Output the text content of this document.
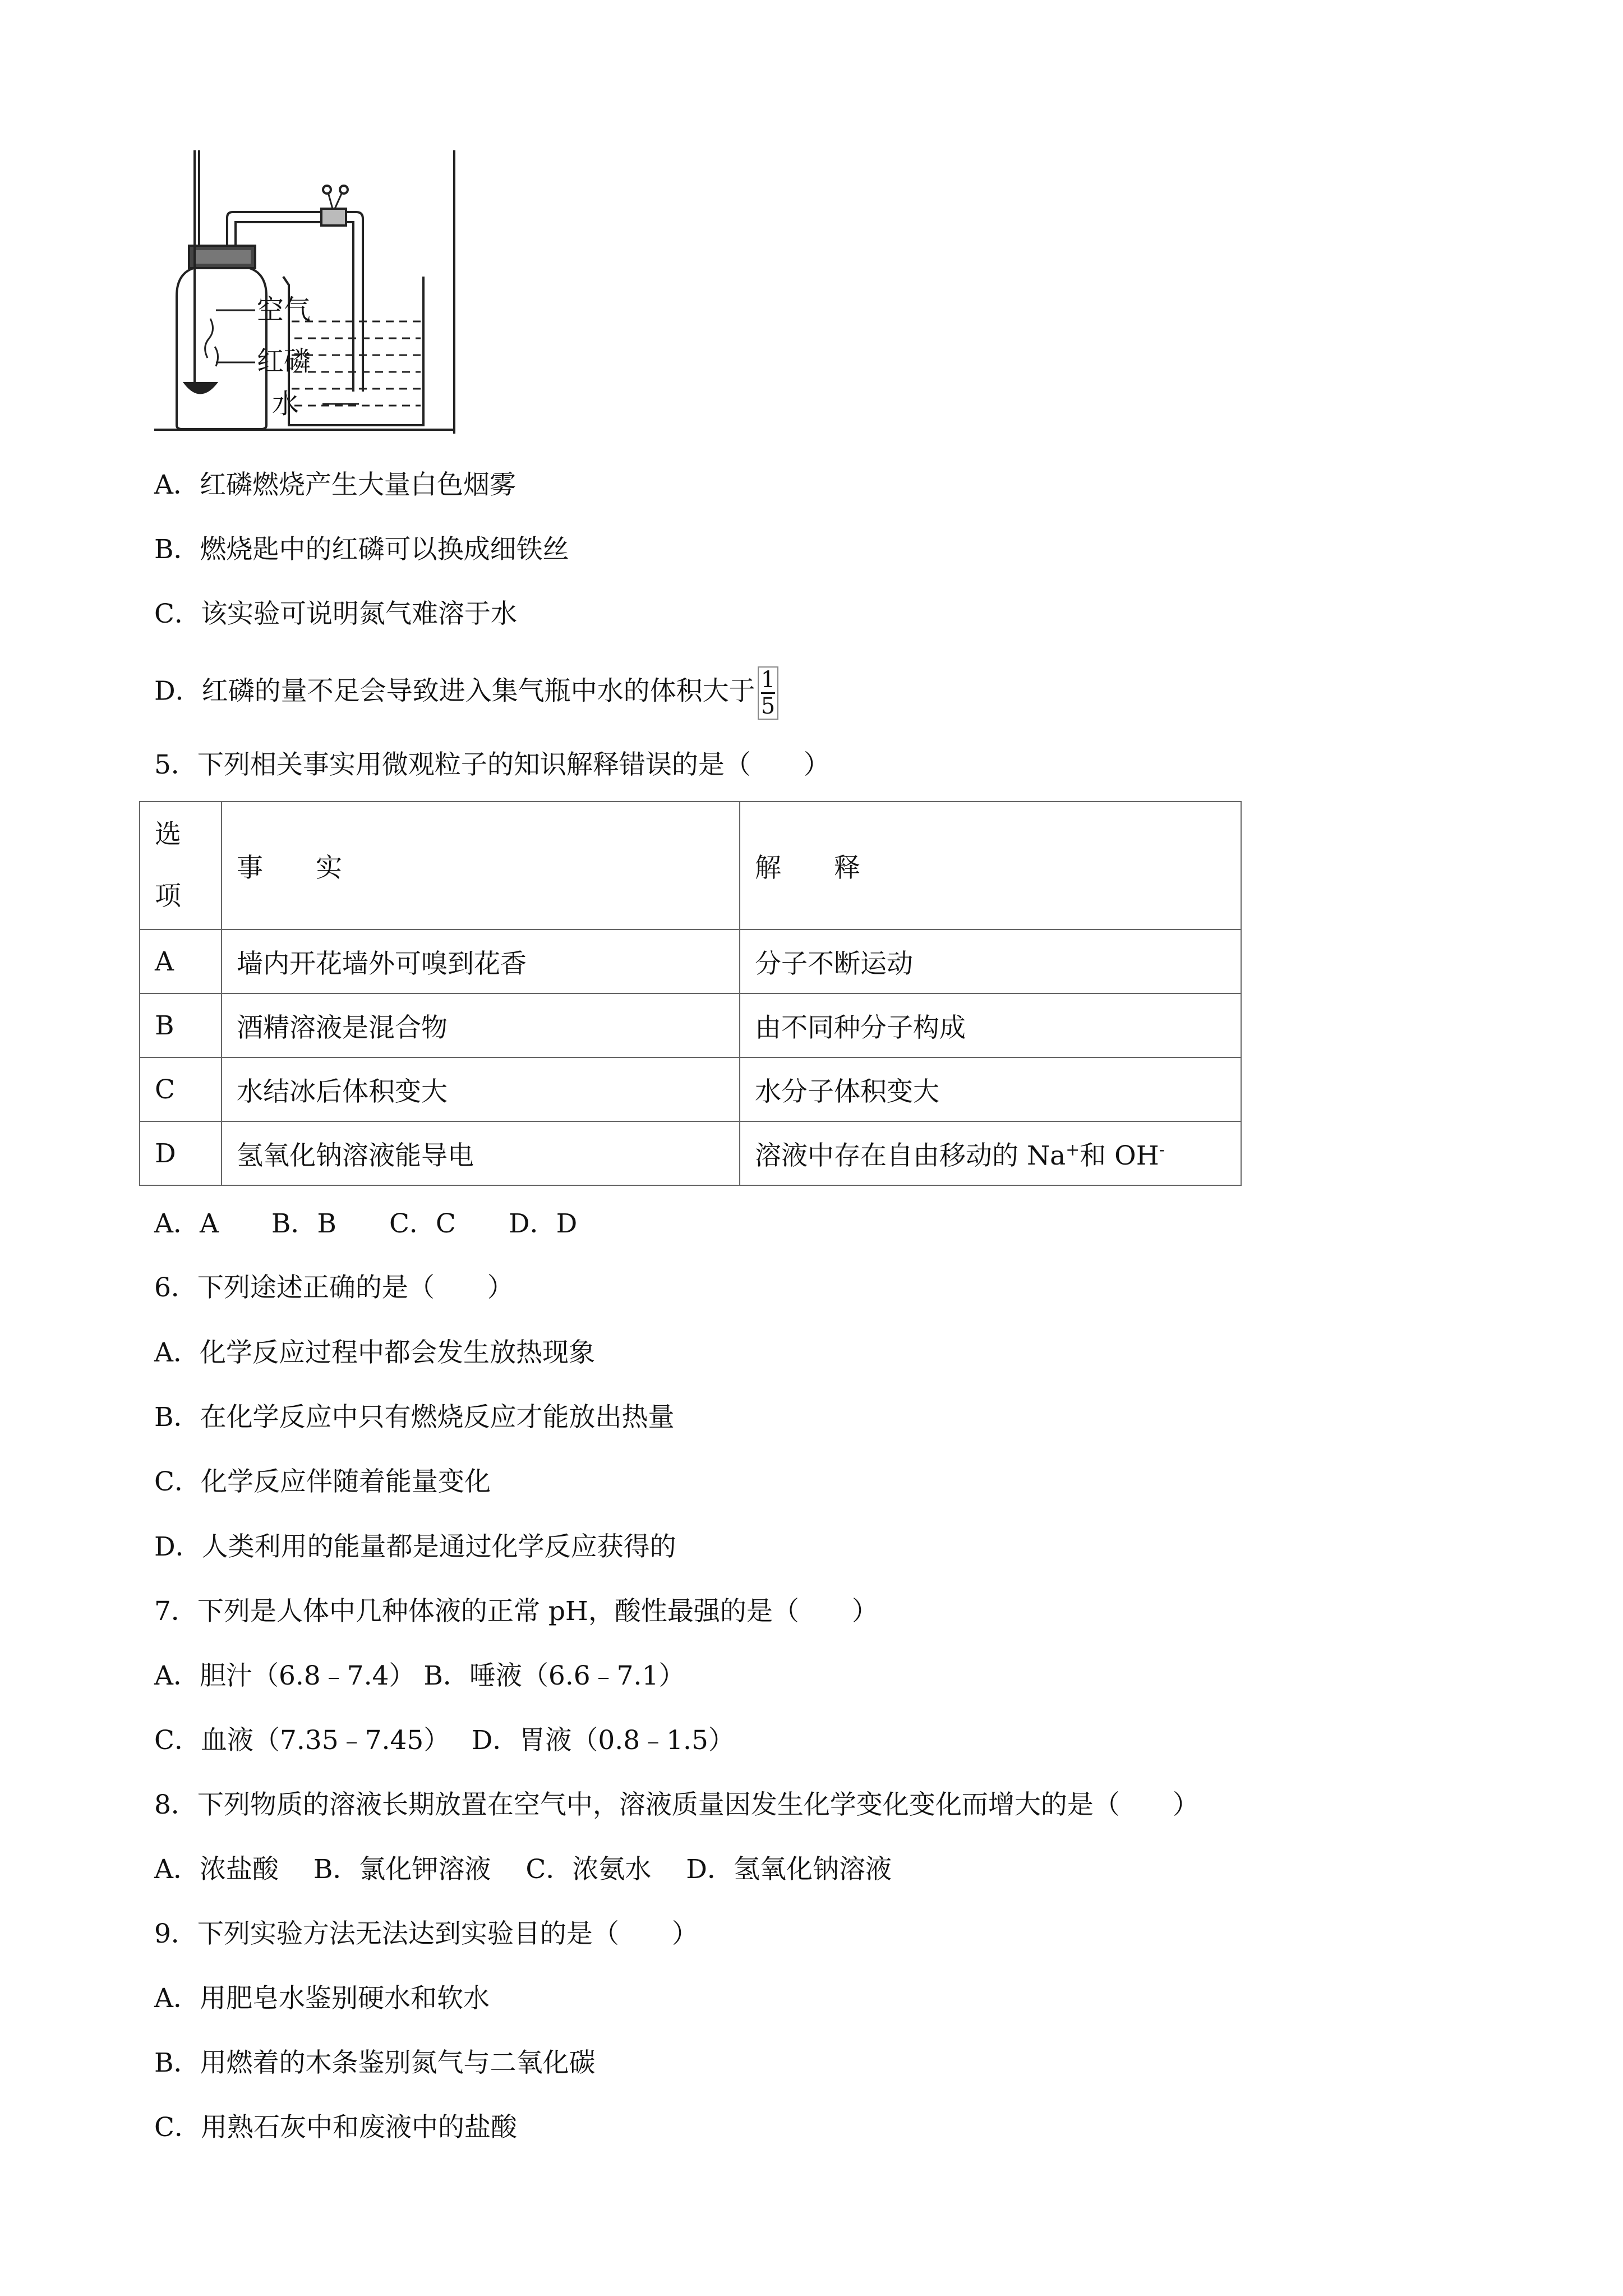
空气
红磷
水
A．红磷燃烧产生大量白色烟雾
B．燃烧匙中的红磷可以换成细铁丝
C．该实验可说明氮气难溶于水
D．红磷的量不足会导致进入集气瓶中水的体积大于 $\frac{1}{5}$
5．下列相关事实用微观粒子的知识解释错误的是（　　）
选
项	事　　实	解　　释
A	墙内开花墙外可嗅到花香	分子不断运动
B	酒精溶液是混合物	由不同种分子构成
C	水结冰后体积变大	水分子体积变大
D	氢氧化钠溶液能导电	溶液中存在自由移动的 Na+和 OH-
A．A　　B．B　　C．C　　D．D
6．下列途述正确的是（　　）
A．化学反应过程中都会发生放热现象
B．在化学反应中只有燃烧反应才能放出热量
C．化学反应伴随着能量变化
D．人类利用的能量都是通过化学反应获得的
7．下列是人体中几种体液的正常 pH，酸性最强的是（　　）
A．胆汁（6.8﹣7.4） B．唾液（6.6﹣7.1）
C．血液（7.35﹣7.45）　 D．胃液（0.8﹣1.5）
8．下列物质的溶液长期放置在空气中，溶液质量因发生化学变化变化而增大的是（　　）
A．浓盐酸　 B．氯化钾溶液　 C．浓氨水　 D．氢氧化钠溶液
9．下列实验方法无法达到实验目的是（　　）
A．用肥皂水鉴别硬水和软水
B．用燃着的木条鉴别氮气与二氧化碳
C．用熟石灰中和废液中的盐酸
